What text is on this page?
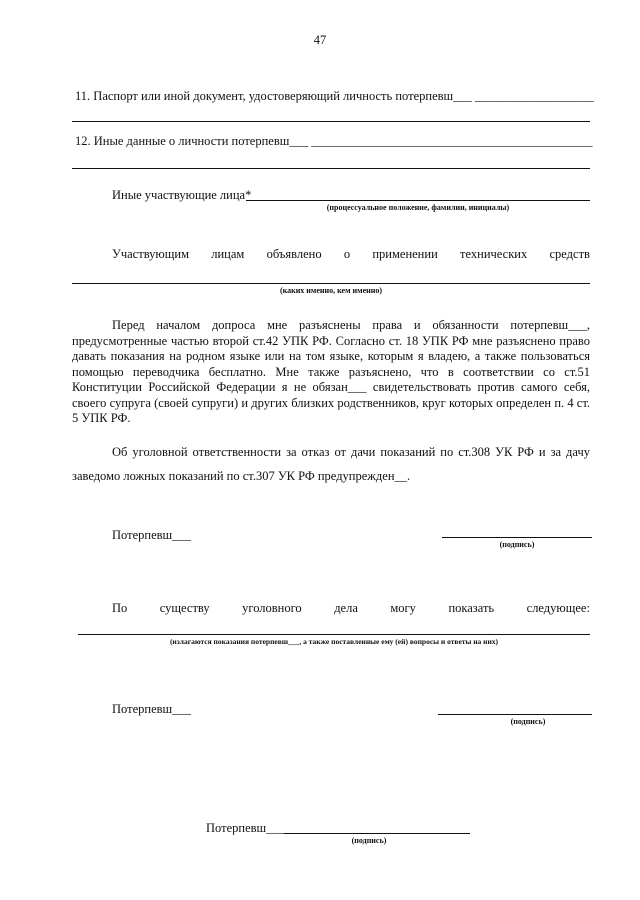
47
11. Паспорт или иной документ, удостоверяющий личность потерпевш___ ___________________
12. Иные данные о личности потерпевш___ _____________________________________________
Иные участвующие лица*
(процессуальное положение, фамилии, инициалы)
Участвующим лицам объявлено о применении технических средств
(каких именно, кем именно)
Перед началом допроса мне разъяснены права и обязанности потерпевш___, предусмотренные частью второй ст.42 УПК РФ. Согласно ст. 18 УПК РФ мне разъяснено право давать показания на родном языке или на том языке, которым я владею, а также пользоваться помощью переводчика бесплатно. Мне также разъяснено, что в соответствии со ст.51 Конституции Российской Федерации я не обязан___ свидетельствовать против самого себя, своего супруга (своей супруги) и других близких родственников, круг которых определен п. 4 ст. 5 УПК РФ.
Об уголовной ответственности за отказ от дачи показаний по ст.308 УК РФ и за дачу заведомо ложных показаний по ст.307 УК РФ предупрежден__.
Потерпевш___
(подпись)
По	существу	уголовного	дела	могу	показать	следующее:
(излагаются показания потерпевш___, а также поставленные ему (ей) вопросы и ответы на них)
Потерпевш___
(подпись)
Потерпевш___
(подпись)
